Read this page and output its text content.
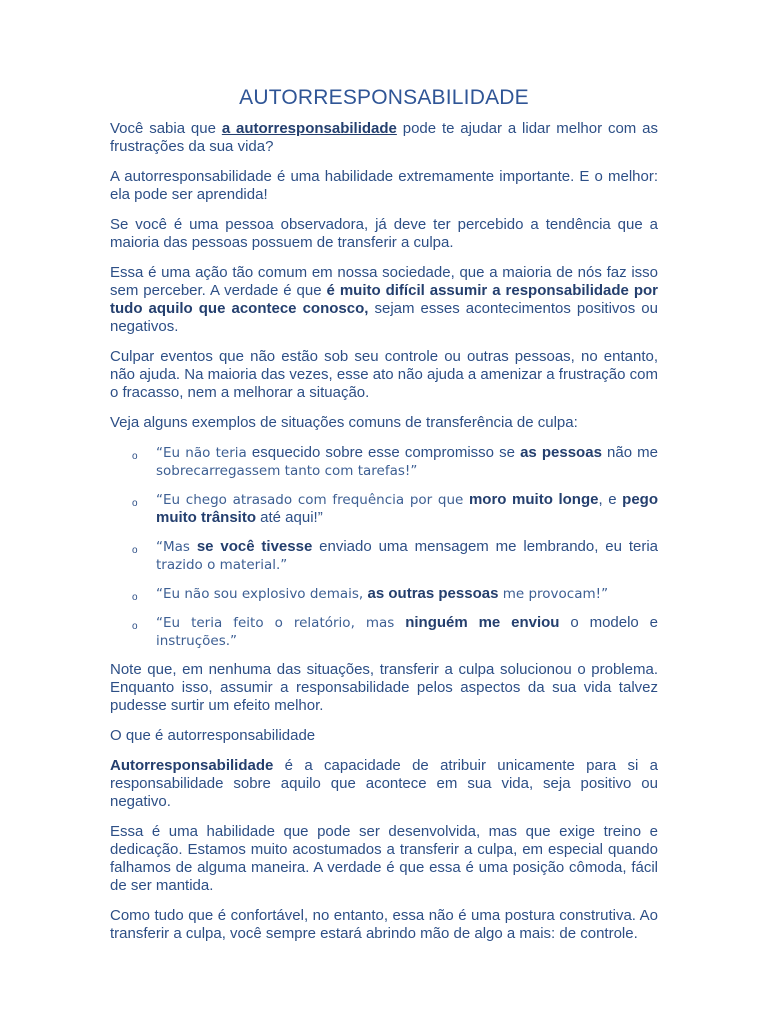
AUTORRESPONSABILIDADE

Você sabia que a autorresponsabilidade pode te ajudar a lidar melhor com as frustrações da sua vida?

A autorresponsabilidade é uma habilidade extremamente importante. E o melhor: ela pode ser aprendida!

Se você é uma pessoa observadora, já deve ter percebido a tendência que a maioria das pessoas possuem de transferir a culpa.

Essa é uma ação tão comum em nossa sociedade, que a maioria de nós faz isso sem perceber. A verdade é que é muito difícil assumir a responsabilidade por tudo aquilo que acontece conosco, sejam esses acontecimentos positivos ou negativos.

Culpar eventos que não estão sob seu controle ou outras pessoas, no entanto, não ajuda. Na maioria das vezes, esse ato não ajuda a amenizar a frustração com o fracasso, nem a melhorar a situação.

Veja alguns exemplos de situações comuns de transferência de culpa:

o “Eu não teria esquecido sobre esse compromisso se as pessoas não me sobrecarregassem tanto com tarefas!”
o “Eu chego atrasado com frequência por que moro muito longe, e pego muito trânsito até aqui!”
o “Mas se você tivesse enviado uma mensagem me lembrando, eu teria trazido o material.”
o “Eu não sou explosivo demais, as outras pessoas me provocam!”
o “Eu teria feito o relatório, mas ninguém me enviou o modelo e instruções.”

Note que, em nenhuma das situações, transferir a culpa solucionou o problema. Enquanto isso, assumir a responsabilidade pelos aspectos da sua vida talvez pudesse surtir um efeito melhor.

O que é autorresponsabilidade

Autorresponsabilidade é a capacidade de atribuir unicamente para si a responsabilidade sobre aquilo que acontece em sua vida, seja positivo ou negativo.

Essa é uma habilidade que pode ser desenvolvida, mas que exige treino e dedicação. Estamos muito acostumados a transferir a culpa, em especial quando falhamos de alguma maneira. A verdade é que essa é uma posição cômoda, fácil de ser mantida.

Como tudo que é confortável, no entanto, essa não é uma postura construtiva. Ao transferir a culpa, você sempre estará abrindo mão de algo a mais: de controle.
